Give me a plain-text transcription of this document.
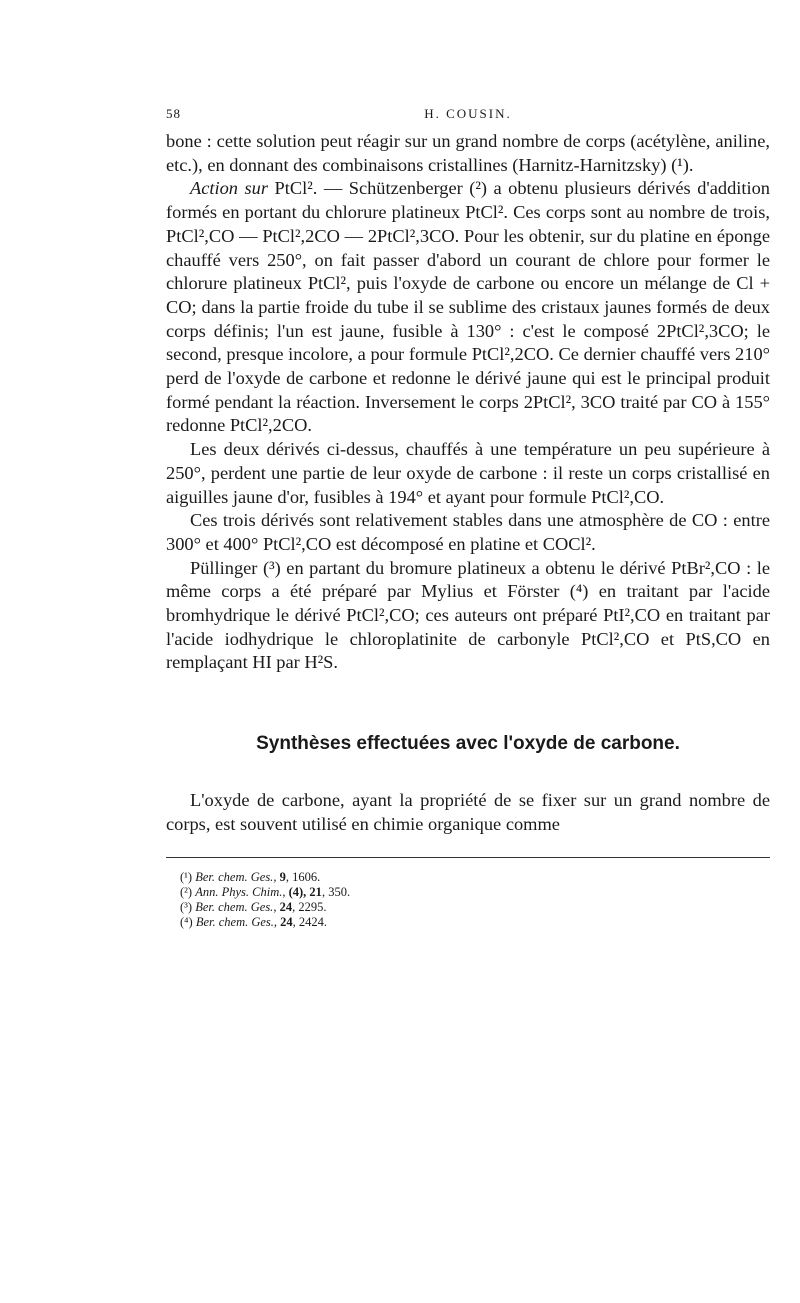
58	H. COUSIN.

bone : cette solution peut réagir sur un grand nombre de corps (acétylène, aniline, etc.), en donnant des combinaisons cristallines (Harnitz-Harnitzsky) (¹).

Action sur PtCl². — Schützenberger (²) a obtenu plusieurs dérivés d'addition formés en portant du chlorure platineux PtCl². Ces corps sont au nombre de trois, PtCl²,CO — PtCl²,2CO — 2PtCl²,3CO. Pour les obtenir, sur du platine en éponge chauffé vers 250°, on fait passer d'abord un courant de chlore pour former le chlorure platineux PtCl², puis l'oxyde de carbone ou encore un mélange de Cl + CO; dans la partie froide du tube il se sublime des cristaux jaunes formés de deux corps définis; l'un est jaune, fusible à 130° : c'est le composé 2PtCl²,3CO; le second, presque incolore, a pour formule PtCl²,2CO. Ce dernier chauffé vers 210° perd de l'oxyde de carbone et redonne le dérivé jaune qui est le principal produit formé pendant la réaction. Inversement le corps 2PtCl², 3CO traité par CO à 155° redonne PtCl²,2CO.

Les deux dérivés ci-dessus, chauffés à une température un peu supérieure à 250°, perdent une partie de leur oxyde de carbone : il reste un corps cristallisé en aiguilles jaune d'or, fusibles à 194° et ayant pour formule PtCl²,CO.

Ces trois dérivés sont relativement stables dans une atmosphère de CO : entre 300° et 400° PtCl²,CO est décomposé en platine et COCl².

Püllinger (³) en partant du bromure platineux a obtenu le dérivé PtBr²,CO : le même corps a été préparé par Mylius et Förster (⁴) en traitant par l'acide bromhydrique le dérivé PtCl²,CO; ces auteurs ont préparé PtI²,CO en traitant par l'acide iodhydrique le chloroplatinite de carbonyle PtCl²,CO et PtS,CO en remplaçant HI par H²S.

Synthèses effectuées avec l'oxyde de carbone.

L'oxyde de carbone, ayant la propriété de se fixer sur un grand nombre de corps, est souvent utilisé en chimie organique comme

(¹) Ber. chem. Ges., 9, 1606.
(²) Ann. Phys. Chim., (4), 21, 350.
(³) Ber. chem. Ges., 24, 2295.
(⁴) Ber. chem. Ges., 24, 2424.
